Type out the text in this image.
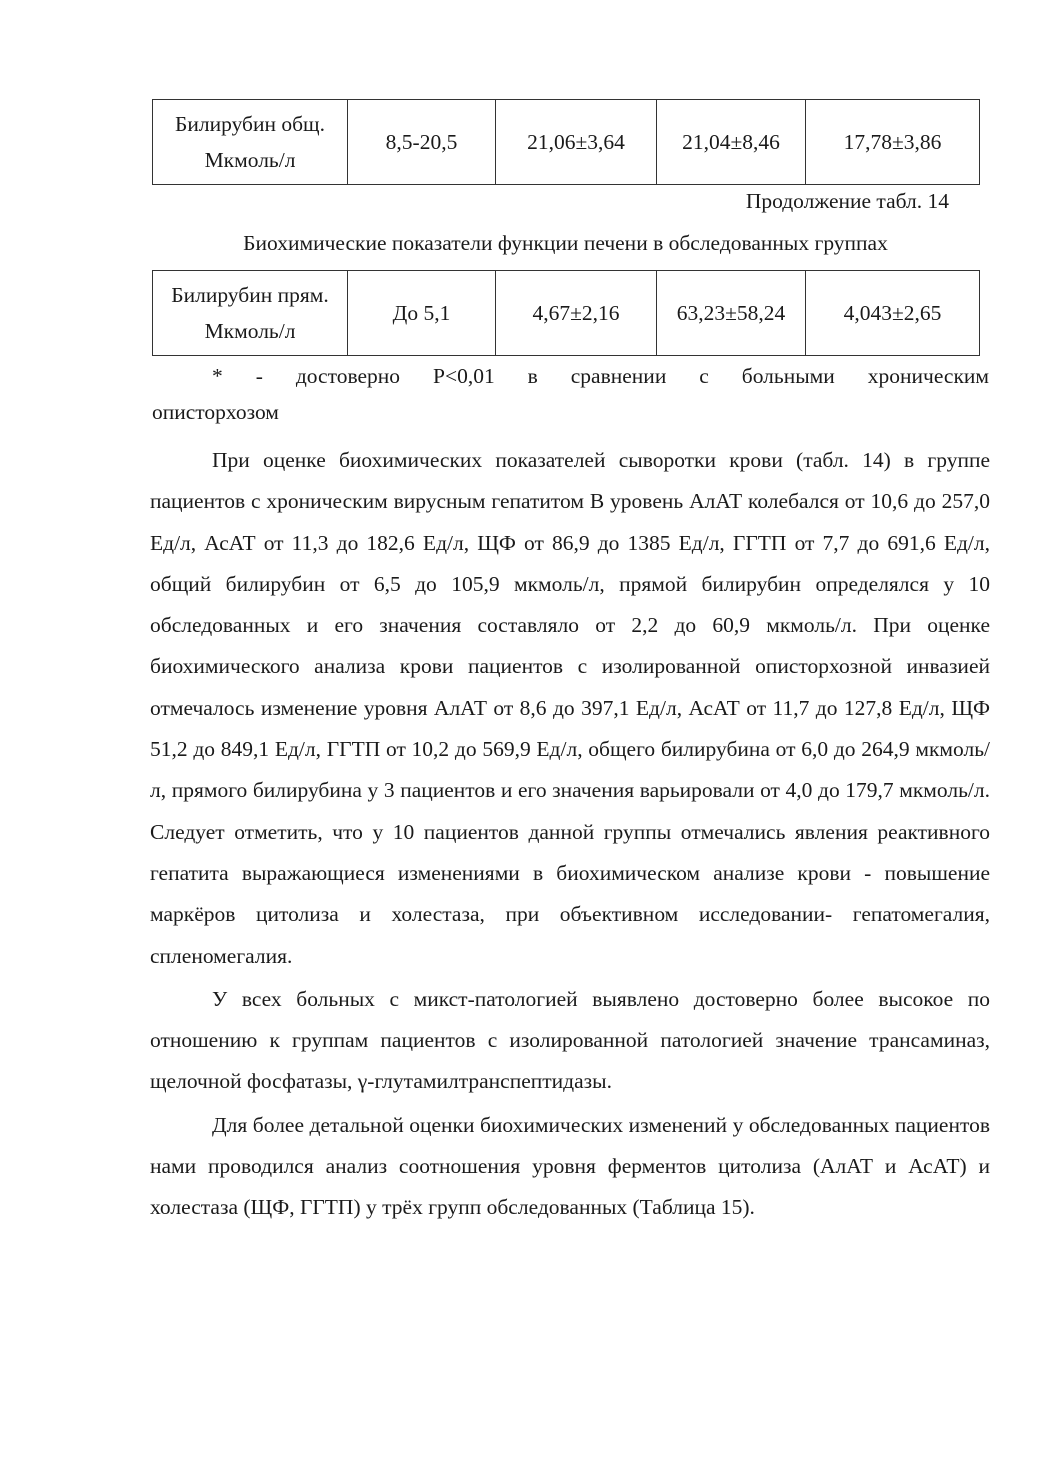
Билирубин общ. Мкмоль/л	8,5-20,5	21,06±3,64	21,04±8,46	17,78±3,86
Продолжение табл. 14
Биохимические показатели функции печени в обследованных группах
Билирубин прям. Мкмоль/л	До 5,1	4,67±2,16	63,23±58,24	4,043±2,65
* - достоверно P<0,01 в сравнении с больными хроническим
описторхозом

При оценке биохимических показателей сыворотки крови (табл. 14) в группе пациентов с хроническим вирусным гепатитом В уровень АлАТ колебался от 10,6 до 257,0 Ед/л, АсАТ от 11,3 до 182,6 Ед/л, ЩФ от 86,9 до 1385 Ед/л, ГГТП от 7,7 до 691,6 Ед/л, общий билирубин от 6,5 до 105,9 мкмоль/л, прямой билирубин определялся у 10 обследованных и его значения составляло от 2,2 до 60,9 мкмоль/л. При оценке биохимического анализа крови пациентов с изолированной описторхозной инвазией отмечалось изменение уровня АлАТ от 8,6 до 397,1 Ед/л, АсАТ от 11,7 до 127,8 Ед/л, ЩФ 51,2 до 849,1 Ед/л, ГГТП от 10,2 до 569,9 Ед/л, общего билирубина от 6,0 до 264,9 мкмоль/л, прямого билирубина у 3 пациентов и его значения варьировали от 4,0 до 179,7 мкмоль/л. Следует отметить, что у 10 пациентов данной группы отмечались явления реактивного гепатита выражающиеся изменениями в биохимическом анализе крови - повышение маркёров цитолиза и холестаза, при объективном исследовании- гепатомегалия, спленомегалия.

У всех больных с микст-патологией выявлено достоверно более высокое по отношению к группам пациентов с изолированной патологией значение трансаминаз, щелочной фосфатазы, γ-глутамилтранспептидазы.

Для более детальной оценки биохимических изменений у обследованных пациентов нами проводился анализ соотношения уровня ферментов цитолиза (АлАТ и АсАТ) и холестаза (ЩФ, ГГТП) у трёх групп обследованных (Таблица 15).
